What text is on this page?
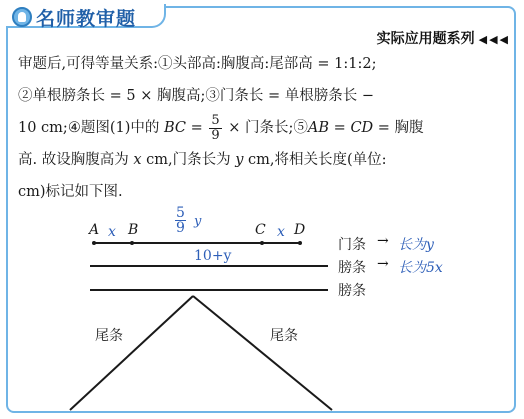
名师教审题
实际应用题系列 ◀◀◀

审题后,可得等量关系:①头部高:胸腹高:尾部高 = 1:1:2;

②单根膀条长 = 5 × 胸腹高;③门条长 = 单根膀条长 −

10 cm;④题图(1)中的 BC = $\frac{5}{9}$ × 门条长;⑤AB = CD = 胸腹

高. 故设胸腹高为 x cm,门条长为 y cm,将相关长度(单位:

cm)标记如下图.

A x B	$\frac{5}{9}$ y
C x D
10+y
门条 → 长为y
膀条 → 长为5x
膀条
尾条	尾条
